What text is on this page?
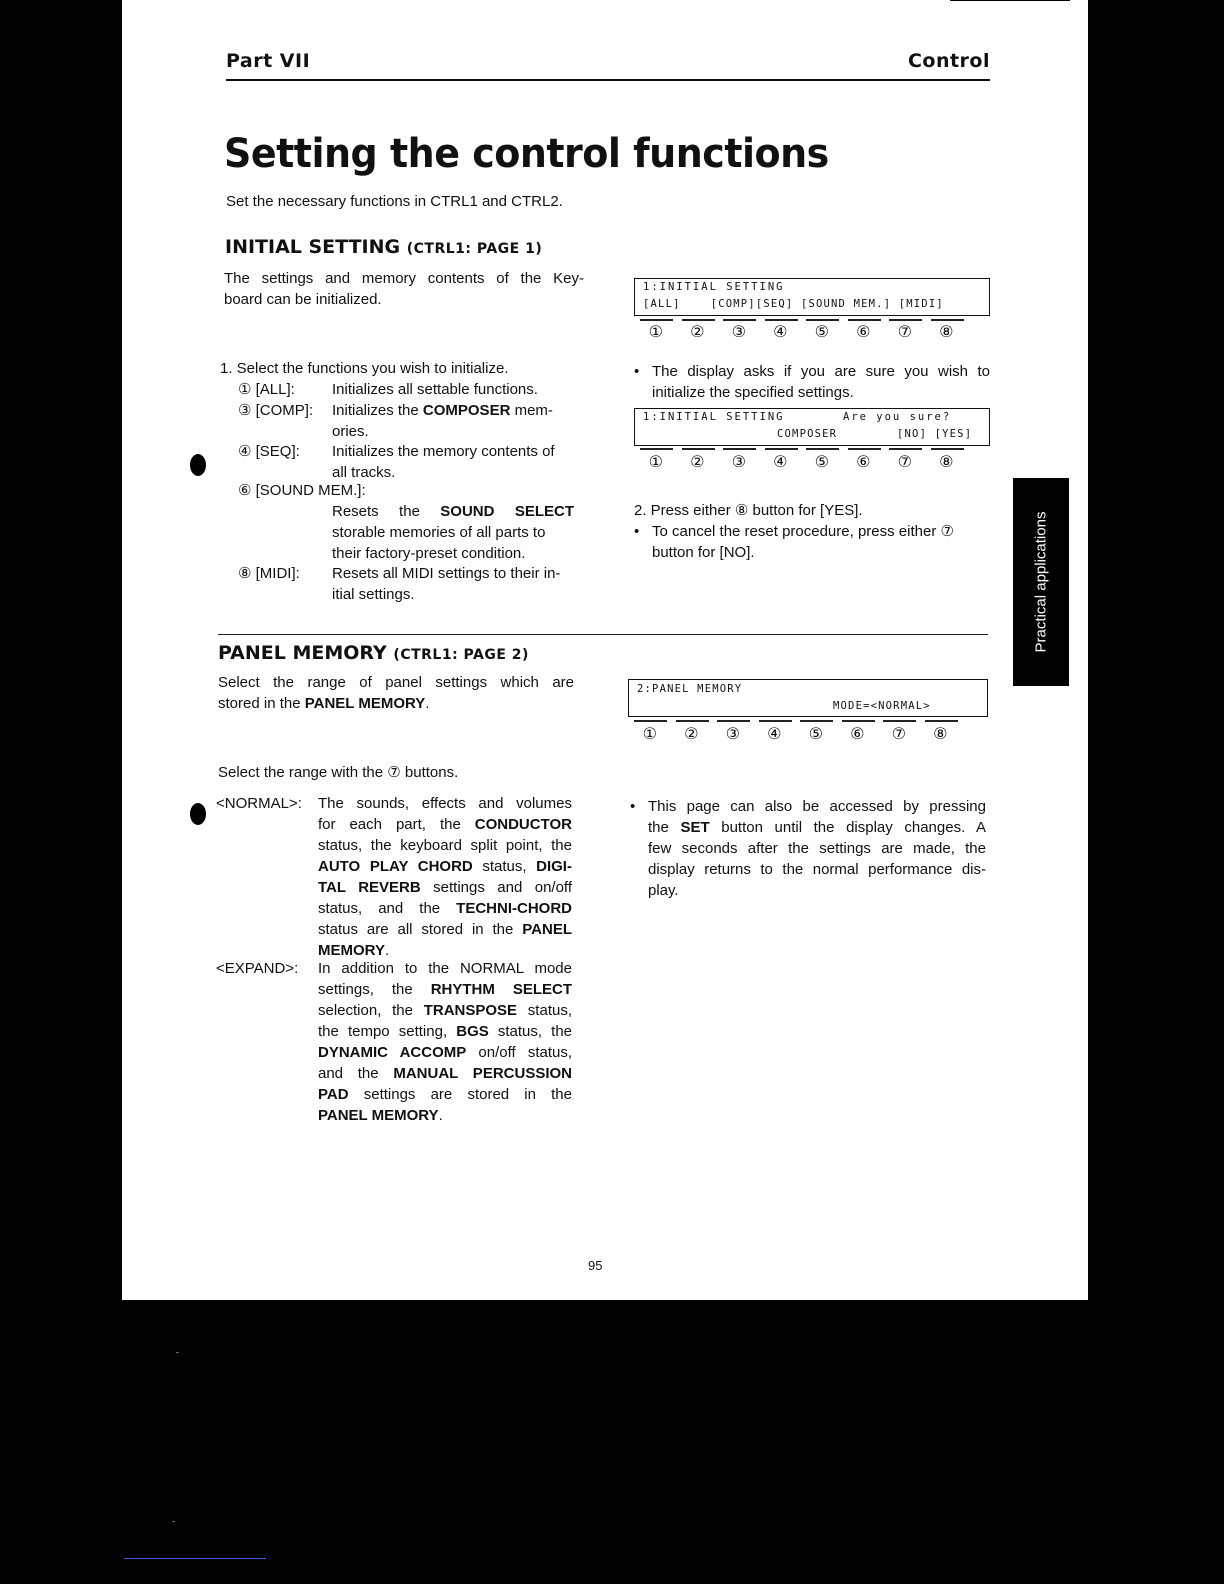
Part VII	Control
Setting the control functions
Set the necessary functions in CTRL1 and CTRL2.
INITIAL SETTING (CTRL1: PAGE 1)
The settings and memory contents of the Key-
board can be initialized.
1. Select the functions you wish to initialize.
① [ALL]: Initializes all settable functions.
③ [COMP]: Initializes the COMPOSER mem-
ories.
④ [SEQ]: Initializes the memory contents of
all tracks.
⑥ [SOUND MEM.]:
Resets the SOUND SELECT
storable memories of all parts to
their factory-preset condition.
⑧ [MIDI]: Resets all MIDI settings to their in-
itial settings.
1:INITIAL SETTING
[ALL]    [COMP][SEQ] [SOUND MEM.] [MIDI]
①	②	③	④	⑤	⑥	⑦	⑧
• The display asks if you are sure you wish to
initialize the specified settings.
1:INITIAL SETTING	Are you sure?
COMPOSER	[NO] [YES]
①	②	③	④	⑤	⑥	⑦	⑧
2. Press either ⑧ button for [YES].
• To cancel the reset procedure, press either ⑦
button for [NO].
PANEL MEMORY (CTRL1: PAGE 2)
Select the range of panel settings which are
stored in the PANEL MEMORY.
2:PANEL MEMORY
MODE=<NORMAL>
①	②	③	④	⑤	⑥	⑦	⑧
Select the range with the ⑦ buttons.
<NORMAL>: The sounds, effects and volumes
for each part, the CONDUCTOR
status, the keyboard split point, the
AUTO PLAY CHORD status, DIGI-
TAL REVERB settings and on/off
status, and the TECHNI-CHORD
status are all stored in the PANEL
MEMORY.
<EXPAND>: In addition to the NORMAL mode
settings, the RHYTHM SELECT
selection, the TRANSPOSE status,
the tempo setting, BGS status, the
DYNAMIC ACCOMP on/off status,
and the MANUAL PERCUSSION
PAD settings are stored in the
PANEL MEMORY.
• This page can also be accessed by pressing
the SET button until the display changes. A
few seconds after the settings are made, the
display returns to the normal performance dis-
play.
95
Practical applications
